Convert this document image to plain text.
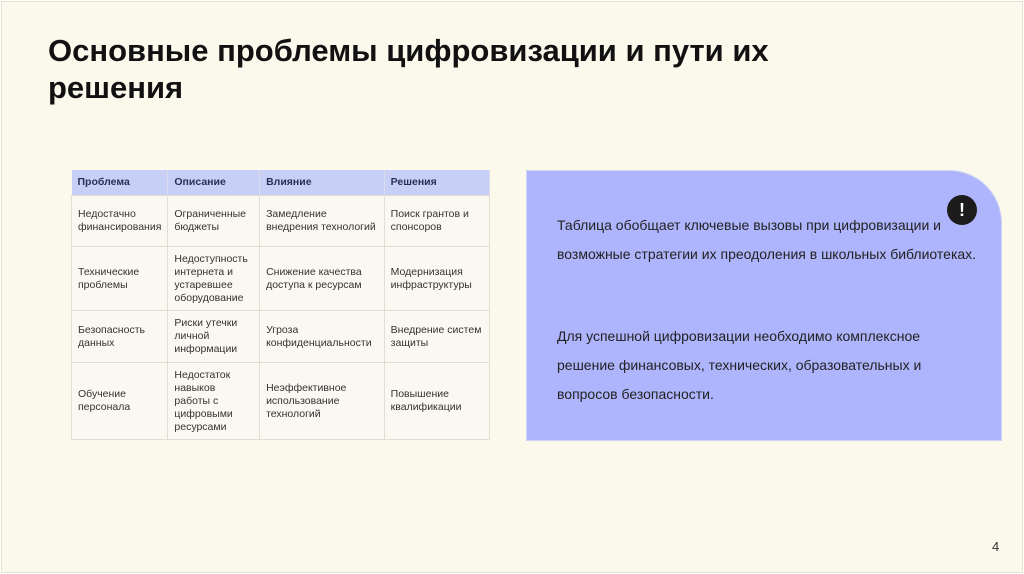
Основные проблемы цифровизации и пути их решения
Проблема	Описание	Влияние	Решения
Недостачно финансирования	Ограниченные бюджеты	Замедление внедрения технологий	Поиск грантов и спонсоров
Технические проблемы	Недоступность интернета и устаревшее оборудование	Снижение качества доступа к ресурсам	Модернизация инфраструктуры
Безопасность данных	Риски утечки личной информации	Угроза конфиденциальности	Внедрение систем защиты
Обучение персонала	Недостаток навыков работы с цифровыми ресурсами	Неэффективное использование технологий	Повышение квалификации
!

Таблица обобщает ключевые вызовы при цифровизации и возможные стратегии их преодоления в школьных библиотеках.

Для успешной цифровизации необходимо комплексное решение финансовых, технических, образовательных и вопросов безопасности.

4
